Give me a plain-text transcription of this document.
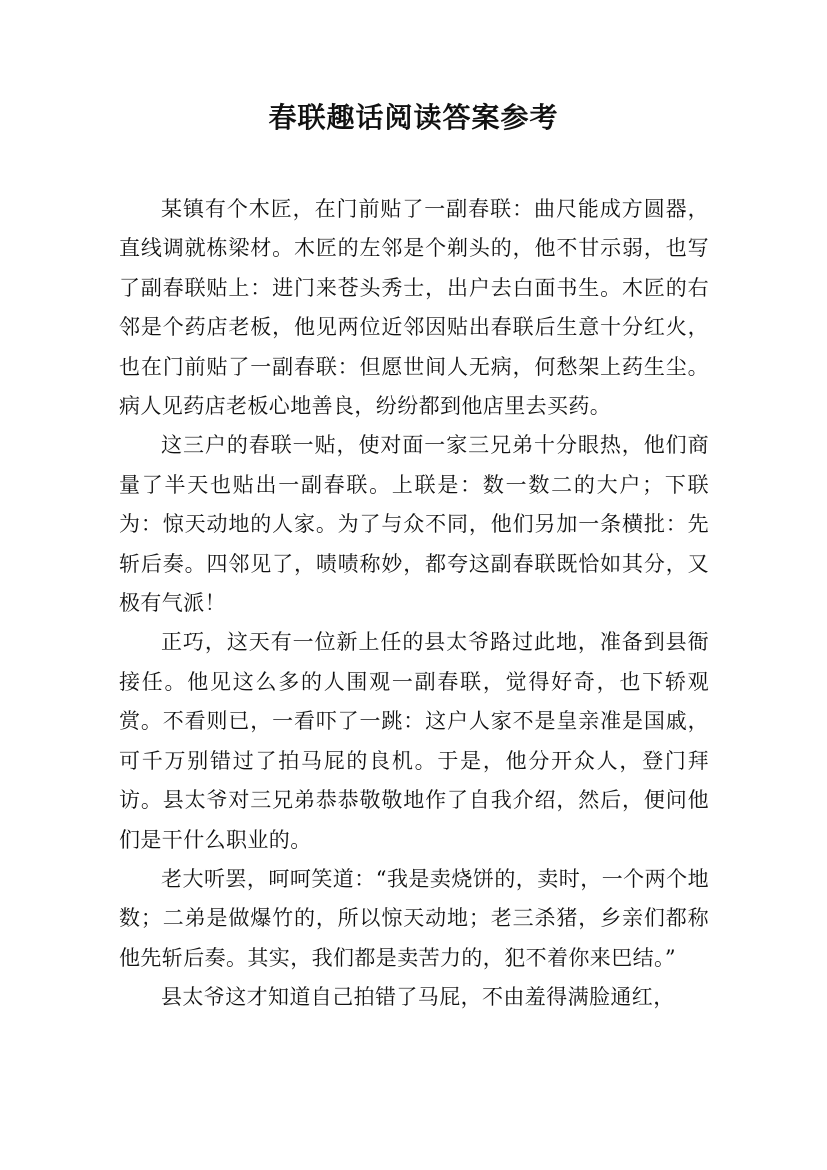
春联趣话阅读答案参考

某镇有个木匠，在门前贴了一副春联：曲尺能成方圆器，直线调就栋梁材。木匠的左邻是个剃头的，他不甘示弱，也写了副春联贴上：进门来苍头秀士，出户去白面书生。木匠的右邻是个药店老板，他见两位近邻因贴出春联后生意十分红火，也在门前贴了一副春联：但愿世间人无病，何愁架上药生尘。病人见药店老板心地善良，纷纷都到他店里去买药。

这三户的春联一贴，使对面一家三兄弟十分眼热，他们商量了半天也贴出一副春联。上联是：数一数二的大户；下联为：惊天动地的人家。为了与众不同，他们另加一条横批：先斩后奏。四邻见了，啧啧称妙，都夸这副春联既恰如其分，又极有气派！

正巧，这天有一位新上任的县太爷路过此地，准备到县衙接任。他见这么多的人围观一副春联，觉得好奇，也下轿观赏。不看则已，一看吓了一跳：这户人家不是皇亲准是国戚，可千万别错过了拍马屁的良机。于是，他分开众人，登门拜访。县太爷对三兄弟恭恭敬敬地作了自我介绍，然后，便问他们是干什么职业的。

老大听罢，呵呵笑道：“我是卖烧饼的，卖时，一个两个地数；二弟是做爆竹的，所以惊天动地；老三杀猪，乡亲们都称他先斩后奏。其实，我们都是卖苦力的，犯不着你来巴结。”

县太爷这才知道自己拍错了马屁，不由羞得满脸通红，
